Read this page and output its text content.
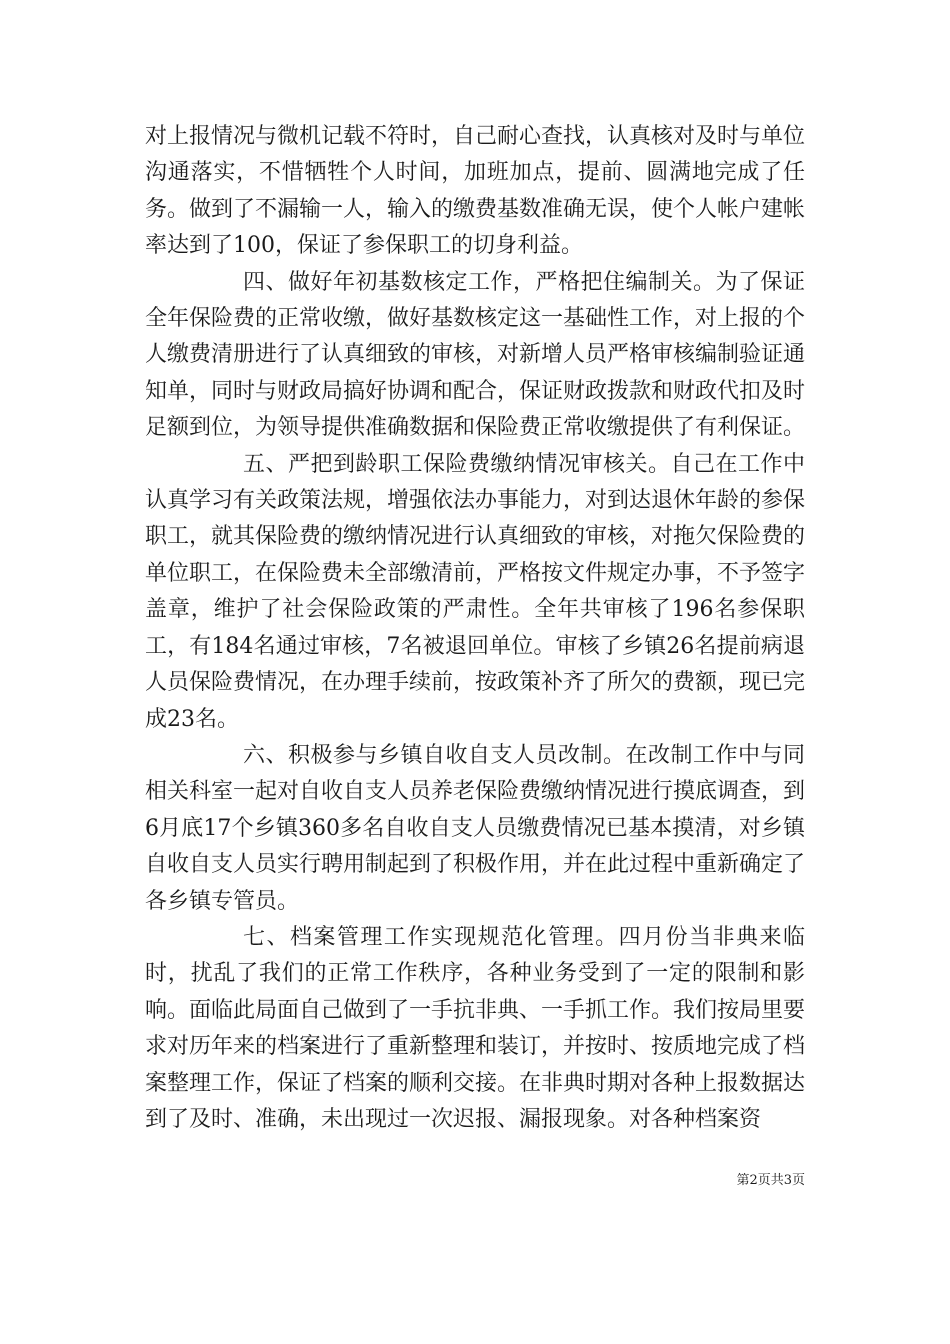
对上报情况与微机记载不符时，自己耐心查找，认真核对及时与单位沟通落实，不惜牺牲个人时间，加班加点，提前、圆满地完成了任务。做到了不漏输一人，输入的缴费基数准确无误，使个人帐户建帐率达到了100，保证了参保职工的切身利益。

四、做好年初基数核定工作，严格把住编制关。为了保证全年保险费的正常收缴，做好基数核定这一基础性工作，对上报的个人缴费清册进行了认真细致的审核，对新增人员严格审核编制验证通知单，同时与财政局搞好协调和配合，保证财政拨款和财政代扣及时足额到位，为领导提供准确数据和保险费正常收缴提供了有利保证。

五、严把到龄职工保险费缴纳情况审核关。自己在工作中认真学习有关政策法规，增强依法办事能力，对到达退休年龄的参保职工，就其保险费的缴纳情况进行认真细致的审核，对拖欠保险费的单位职工，在保险费未全部缴清前，严格按文件规定办事，不予签字盖章，维护了社会保险政策的严肃性。全年共审核了196名参保职工，有184名通过审核，7名被退回单位。审核了乡镇26名提前病退人员保险费情况，在办理手续前，按政策补齐了所欠的费额，现已完成23名。

六、积极参与乡镇自收自支人员改制。在改制工作中与同相关科室一起对自收自支人员养老保险费缴纳情况进行摸底调查，到6月底17个乡镇360多名自收自支人员缴费情况已基本摸清，对乡镇自收自支人员实行聘用制起到了积极作用，并在此过程中重新确定了各乡镇专管员。

七、档案管理工作实现规范化管理。四月份当非典来临时，扰乱了我们的正常工作秩序，各种业务受到了一定的限制和影响。面临此局面自己做到了一手抗非典、一手抓工作。我们按局里要求对历年来的档案进行了重新整理和装订，并按时、按质地完成了档案整理工作，保证了档案的顺利交接。在非典时期对各种上报数据达到了及时、准确，未出现过一次迟报、漏报现象。对各种档案资

第2页共3页
